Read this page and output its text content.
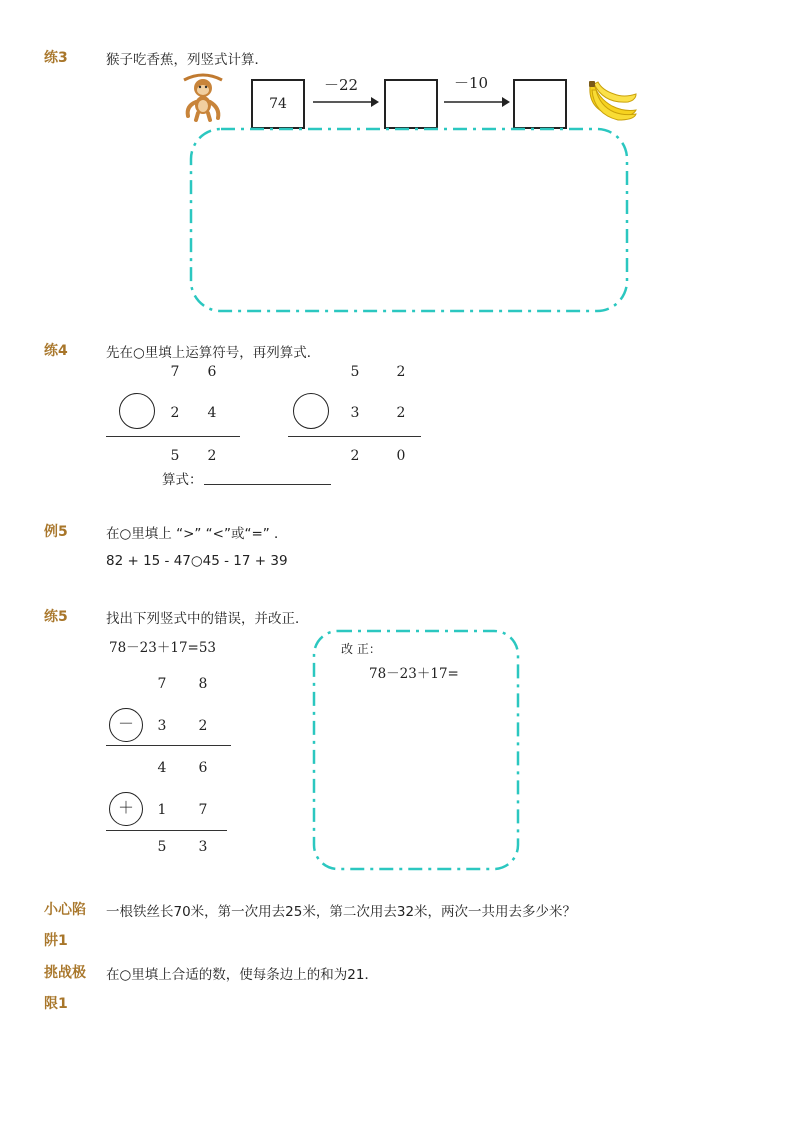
练3	猴子吃香蕉，列竖式计算．
74
－22	－10
练4	先在○里填上运算符号，再列算式．
7	6
2	4
5	2
算式：
5	2
3	2
2	0
例5	在○里填上 “>” “<”或“=” ．
82 + 15 - 47○45 - 17 + 39
练5	找出下列竖式中的错误，并改正．
78－23＋17=53
7	8
－	3	2
4	6
＋	1	7
5	3
改 正：
78－23＋17=
小心陷
阱1
一根铁丝长70米，第一次用去25米，第二次用去32米，两次一共用去多少米？
挑战极
限1
在○里填上合适的数，使每条边上的和为21．
